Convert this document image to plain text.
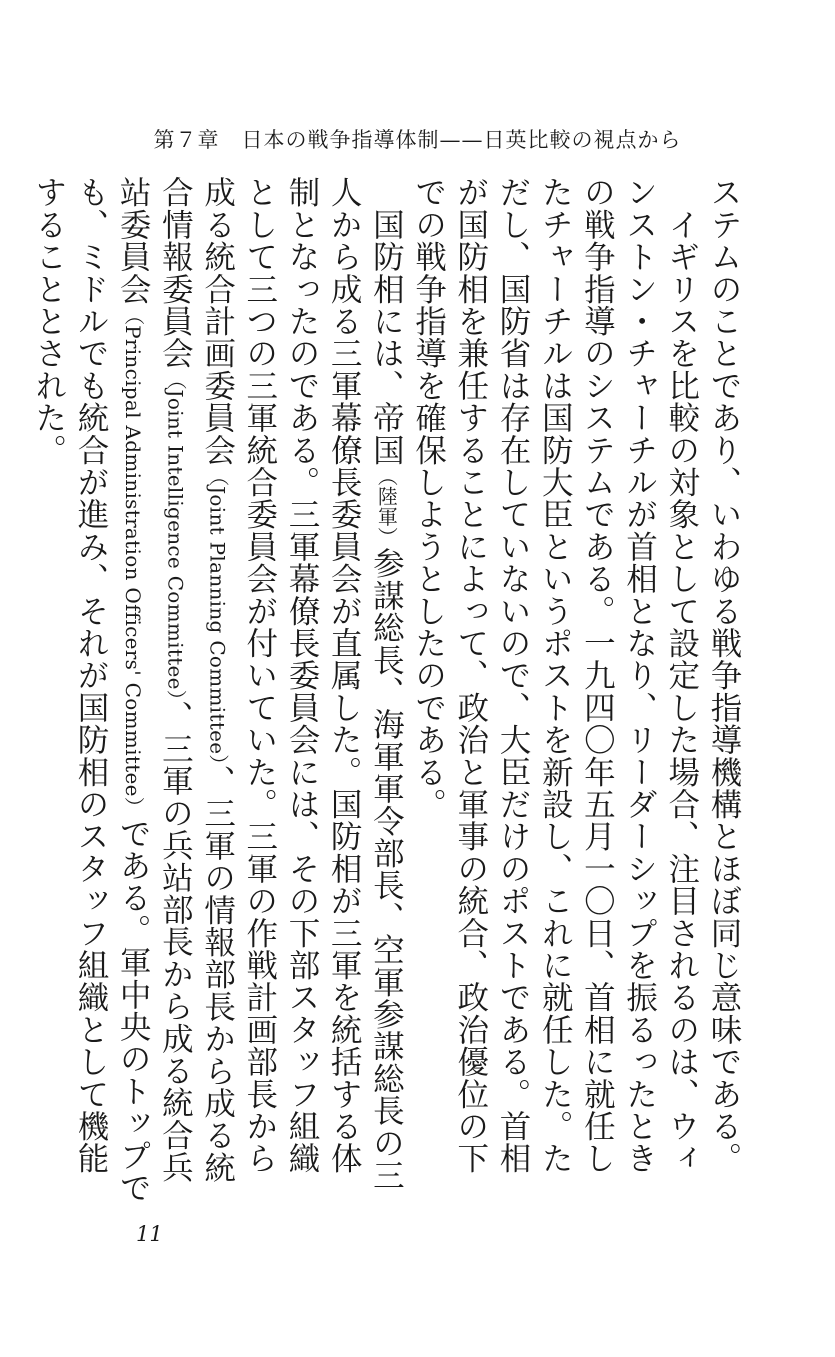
第７章　日本の戦争指導体制——日英比較の視点から

ステムのことであり、いわゆる戦争指導機構とほぼ同じ意味である。

　イギリスを比較の対象として設定した場合、注目されるのは、ウィンストン・チャーチルが首相となり、リーダーシップを振るったときの戦争指導のシステムである。一九四〇年五月一〇日、首相に就任したチャーチルは国防大臣というポストを新設し、これに就任した。ただし、国防省は存在していないので、大臣だけのポストである。首相が国防相を兼任することによって、政治と軍事の統合、政治優位の下での戦争指導を確保しようとしたのである。

　国防相には、帝国（陸軍）参謀総長、海軍軍令部長、空軍参謀総長の三人から成る三軍幕僚長委員会が直属した。国防相が三軍を統括する体制となったのである。三軍幕僚長委員会には、その下部スタッフ組織として三つの三軍統合委員会が付いていた。三軍の作戦計画部長から成る統合計画委員会（Joint Planning Committee）、三軍の情報部長から成る統合情報委員会（Joint Intelligence Committee）、三軍の兵站部長から成る統合兵站委員会（Principal Administration Officers' Committee）である。軍中央のトップでも、ミドルでも統合が進み、それが国防相のスタッフ組織として機能することとされた。

11
